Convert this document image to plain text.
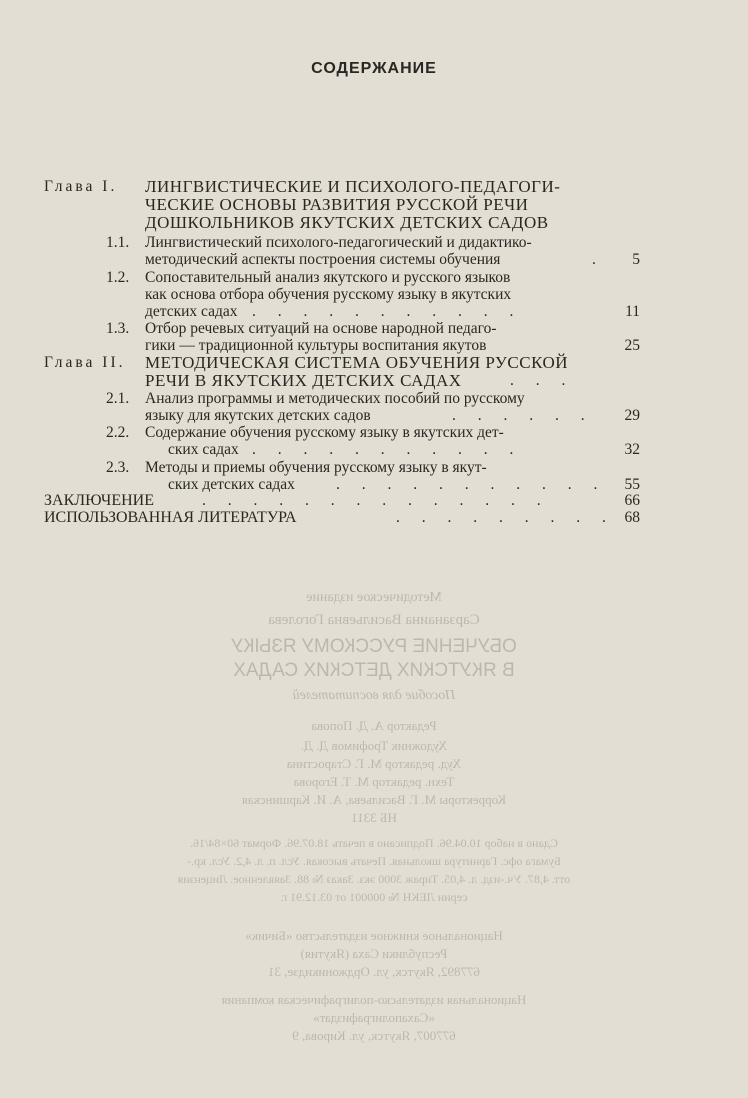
Методическое издание
Сарзанаина Васильевна Гоголева
ОБУЧЕНИЕ РУССКОМУ ЯЗЫКУ
В ЯКУТСКИХ ДЕТСКИХ САДАХ
Пособие для воспитателей
Редактор А. Д. Попова
Художник Трофимов Д. Д.
Худ. редактор М. Г. Старостина
Техн. редактор М. Т. Егорова
Корректоры М. Г. Васильева, А. И. Каршинская
НБ 3311
Сдано в набор 10.04.96. Подписано в печать 18.07.96. Формат 60×84/16.
Бумага офс. Гарнитура школьная. Печать высокая. Усл. п. л. 4,2. Усл. кр.-
отт. 4,87. Уч.-изд. л. 4,05. Тираж 3000 экз. Заказ № 88. Заявленное. Лицензия
серии ЛЕКН № 000001 от 03.12.91 г.
Национальное книжное издательство «Бичик»
Республики Саха (Якутия)
677892, Якутск, ул. Орджоникидзе, 31
Национальная издательско-полиграфическая компания
«Сахаполиграфиздат»
677007, Якутск, ул. Кирова, 9
СОДЕРЖАНИЕ
Глава I. ЛИНГВИСТИЧЕСКИЕ И ПСИХОЛОГО-ПЕДАГОГИ-
ЧЕСКИЕ ОСНОВЫ РАЗВИТИЯ РУССКОЙ РЕЧИ
ДОШКОЛЬНИКОВ ЯКУТСКИХ ДЕТСКИХ САДОВ
1.1. Лингвистический психолого-педагогический и дидактико-
методический аспекты построения системы обучения	.	5
1.2. Сопоставительный анализ якутского и русского языков
как основа отбора обучения русскому языку в якутских
детских садах . . . . . . . . . . .	11
1.3. Отбор речевых ситуаций на основе народной педаго-
гики — традиционной культуры воспитания якутов	25
Глава II. МЕТОДИЧЕСКАЯ СИСТЕМА ОБУЧЕНИЯ РУССКОЙ
РЕЧИ В ЯКУТСКИХ ДЕТСКИХ САДАХ	. . .
2.1. Анализ программы и методических пособий по русскому
языку для якутских детских садов	. . . . . .	29
2.2. Содержание обучения русскому языку в якутских дет-
ских садах . . . . . . . . . . .	32
2.3. Методы и приемы обучения русскому языку в якут-
ских детских садах	. . . . . . . . . . .	55
ЗАКЛЮЧЕНИЕ	. . . . . . . . . . . . . .	66
ИСПОЛЬЗОВАННАЯ ЛИТЕРАТУРА	. . . . . . . . . 68
